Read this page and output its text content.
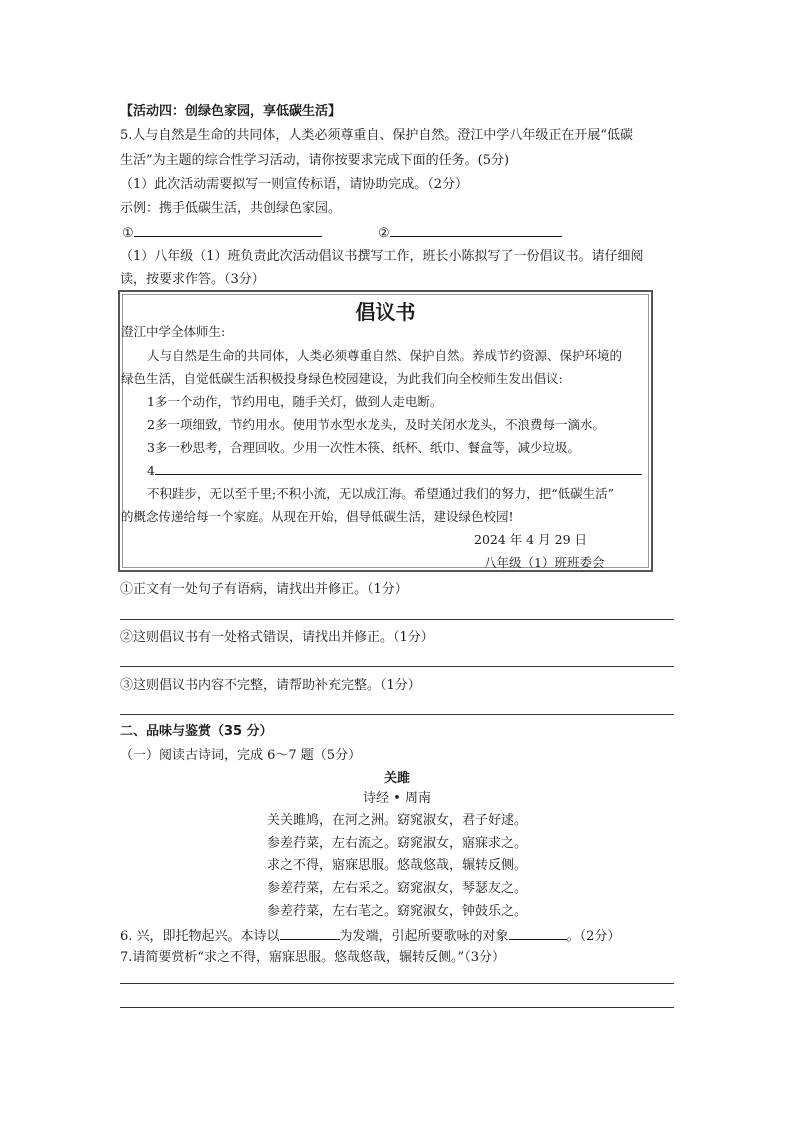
【活动四：创绿色家园，享低碳生活】
5.人与自然是生命的共同体，人类必须尊重自、保护自然。澄江中学八年级正在开展“低碳
生活”为主题的综合性学习活动，请你按要求完成下面的任务。(5分)
（1）此次活动需要拟写一则宣传标语，请协助完成。（2分）
示例：携手低碳生活，共创绿色家园。
①	②
（1）八年级（1）班负责此次活动倡议书撰写工作，班长小陈拟写了一份倡议书。请仔细阅
读，按要求作答。（3分）
倡议书
澄江中学全体师生:
人与自然是生命的共同体，人类必须尊重自然、保护自然。养成节约资源、保护环境的
绿色生活，自觉低碳生活积极投身绿色校园建设，为此我们向全校师生发出倡议:
1多一个动作，节约用电，随手关灯，做到人走电断。
2多一项细致，节约用水。使用节水型水龙头，及时关闭水龙头，不浪费每一滴水。
3多一秒思考，合理回收。少用一次性木筷、纸杯、纸巾、餐盒等，减少垃圾。
4
不积跬步，无以至千里;不积小流，无以成江海。希望通过我们的努力，把“低碳生活”
的概念传递给每一个家庭。从现在开始，倡导低碳生活，建设绿色校园!
2024 年 4 月 29 日
八年级（1）班班委会
①正文有一处句子有语病，请找出并修正。（1分）
②这则倡议书有一处格式错误，请找出并修正。（1分）
③这则倡议书内容不完整，请帮助补充完整。（1分）
二、品味与鉴赏（35 分）
（一）阅读古诗词，完成 6～7 题（5分）
关雎
诗经 • 周南
关关雎鸠，在河之洲。窈窕淑女，君子好逑。
参差荇菜，左右流之。窈窕淑女，寤寐求之。
求之不得，寤寐思服。悠哉悠哉，辗转反侧。
参差荇菜，左右采之。窈窕淑女，琴瑟友之。
参差荇菜，左右芼之。窈窕淑女，钟鼓乐之。
6. 兴，即托物起兴。本诗以	为发端，引起所要歌咏的对象	。（2分）
7.请简要赏析“求之不得，寤寐思服。悠哉悠哉，辗转反侧。”（3分）
